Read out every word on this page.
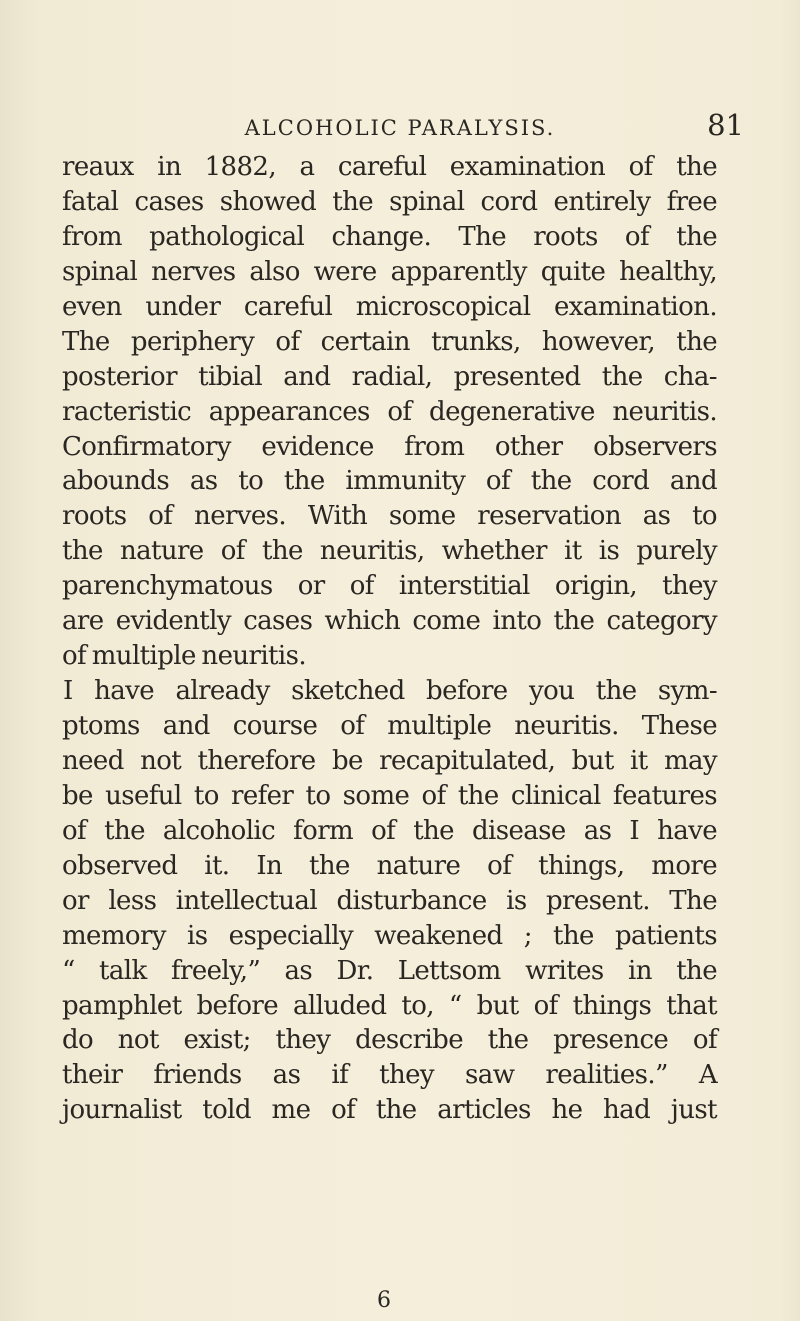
ALCOHOLIC PARALYSIS.	81
reaux in 1882, a careful examination of the
fatal cases showed the spinal cord entirely free
from pathological change. The roots of the
spinal nerves also were apparently quite healthy,
even under careful microscopical examination.
The periphery of certain trunks, however, the
posterior tibial and radial, presented the cha-
racteristic appearances of degenerative neuritis.
Confirmatory evidence from other observers
abounds as to the immunity of the cord and
roots of nerves. With some reservation as to
the nature of the neuritis, whether it is purely
parenchymatous or of interstitial origin, they
are evidently cases which come into the category
of multiple neuritis.
I have already sketched before you the sym-
ptoms and course of multiple neuritis. These
need not therefore be recapitulated, but it may
be useful to refer to some of the clinical features
of the alcoholic form of the disease as I have
observed it. In the nature of things, more
or less intellectual disturbance is present. The
memory is especially weakened ; the patients
“ talk freely,” as Dr. Lettsom writes in the
pamphlet before alluded to, “ but of things that
do not exist; they describe the presence of
their friends as if they saw realities.” A
journalist told me of the articles he had just
6
